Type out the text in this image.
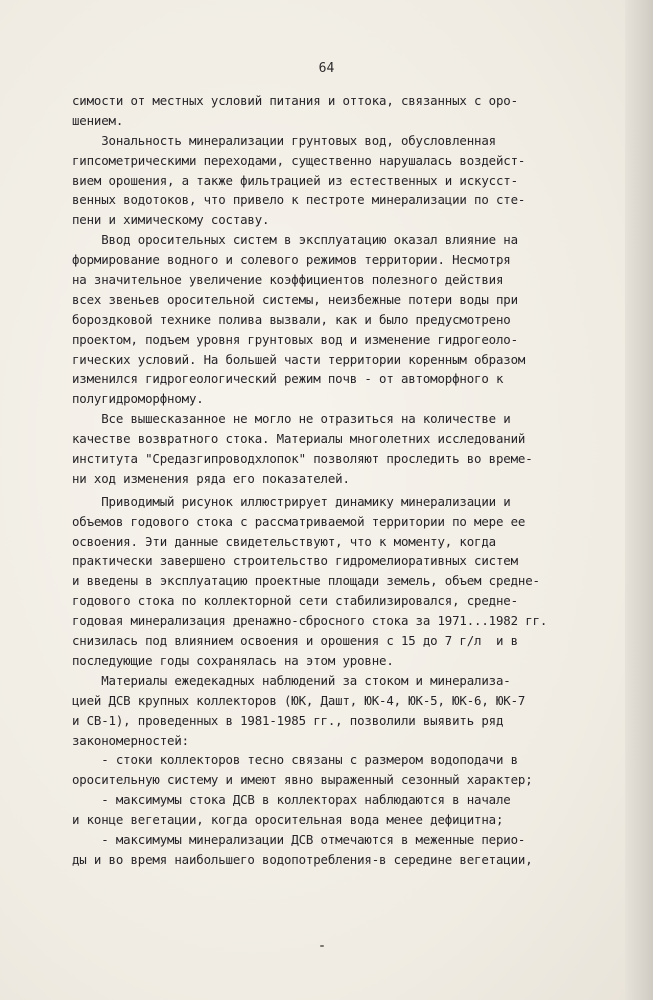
64
симости от местных условий питания и оттока, связанных с оро-
шением.
Зональность минерализации грунтовых вод, обусловленная
гипсометрическими переходами, существенно нарушалась воздейст-
вием орошения, а также фильтрацией из естественных и искусст-
венных водотоков, что привело к пестроте минерализации по сте-
пени и химическому составу.
Ввод оросительных систем в эксплуатацию оказал влияние на
формирование водного и солевого режимов территории. Несмотря
на значительное увеличение коэффициентов полезного действия
всех звеньев оросительной системы, неизбежные потери воды при
бороздковой технике полива вызвали, как и было предусмотрено
проектом, подъем уровня грунтовых вод и изменение гидрогеоло-
гических условий. На большей части территории коренным образом
изменился гидрогеологический режим почв - от автоморфного к
полугидроморфному.
Все вышесказанное не могло не отразиться на количестве и
качестве возвратного стока. Материалы многолетних исследований
института "Средазгипроводхлопок" позволяют проследить во време-
ни ход изменения ряда его показателей.
Приводимый рисунок иллюстрирует динамику минерализации и
объемов годового стока с рассматриваемой территории по мере ее
освоения. Эти данные свидетельствуют, что к моменту, когда
практически завершено строительство гидромелиоративных систем
и введены в эксплуатацию проектные площади земель, объем средне-
годового стока по коллекторной сети стабилизировался, средне-
годовая минерализация дренажно-сбросного стока за 1971...1982 гг.
снизилась под влиянием освоения и орошения с 15 до 7 г/л  и в
последующие годы сохранялась на этом уровне.
Материалы ежедекадных наблюдений за стоком и минерализа-
цией ДСВ крупных коллекторов (ЮК, Дашт, ЮК-4, ЮК-5, ЮК-6, ЮК-7
и СВ-1), проведенных в 1981-1985 гг., позволили выявить ряд
закономерностей:
- стоки коллекторов тесно связаны с размером водоподачи в
оросительную систему и имеют явно выраженный сезонный характер;
- максимумы стока ДСВ в коллекторах наблюдаются в начале
и конце вегетации, когда оросительная вода менее дефицитна;
- максимумы минерализации ДСВ отмечаются в меженные перио-
ды и во время наибольшего водопотребления-в середине вегетации,
